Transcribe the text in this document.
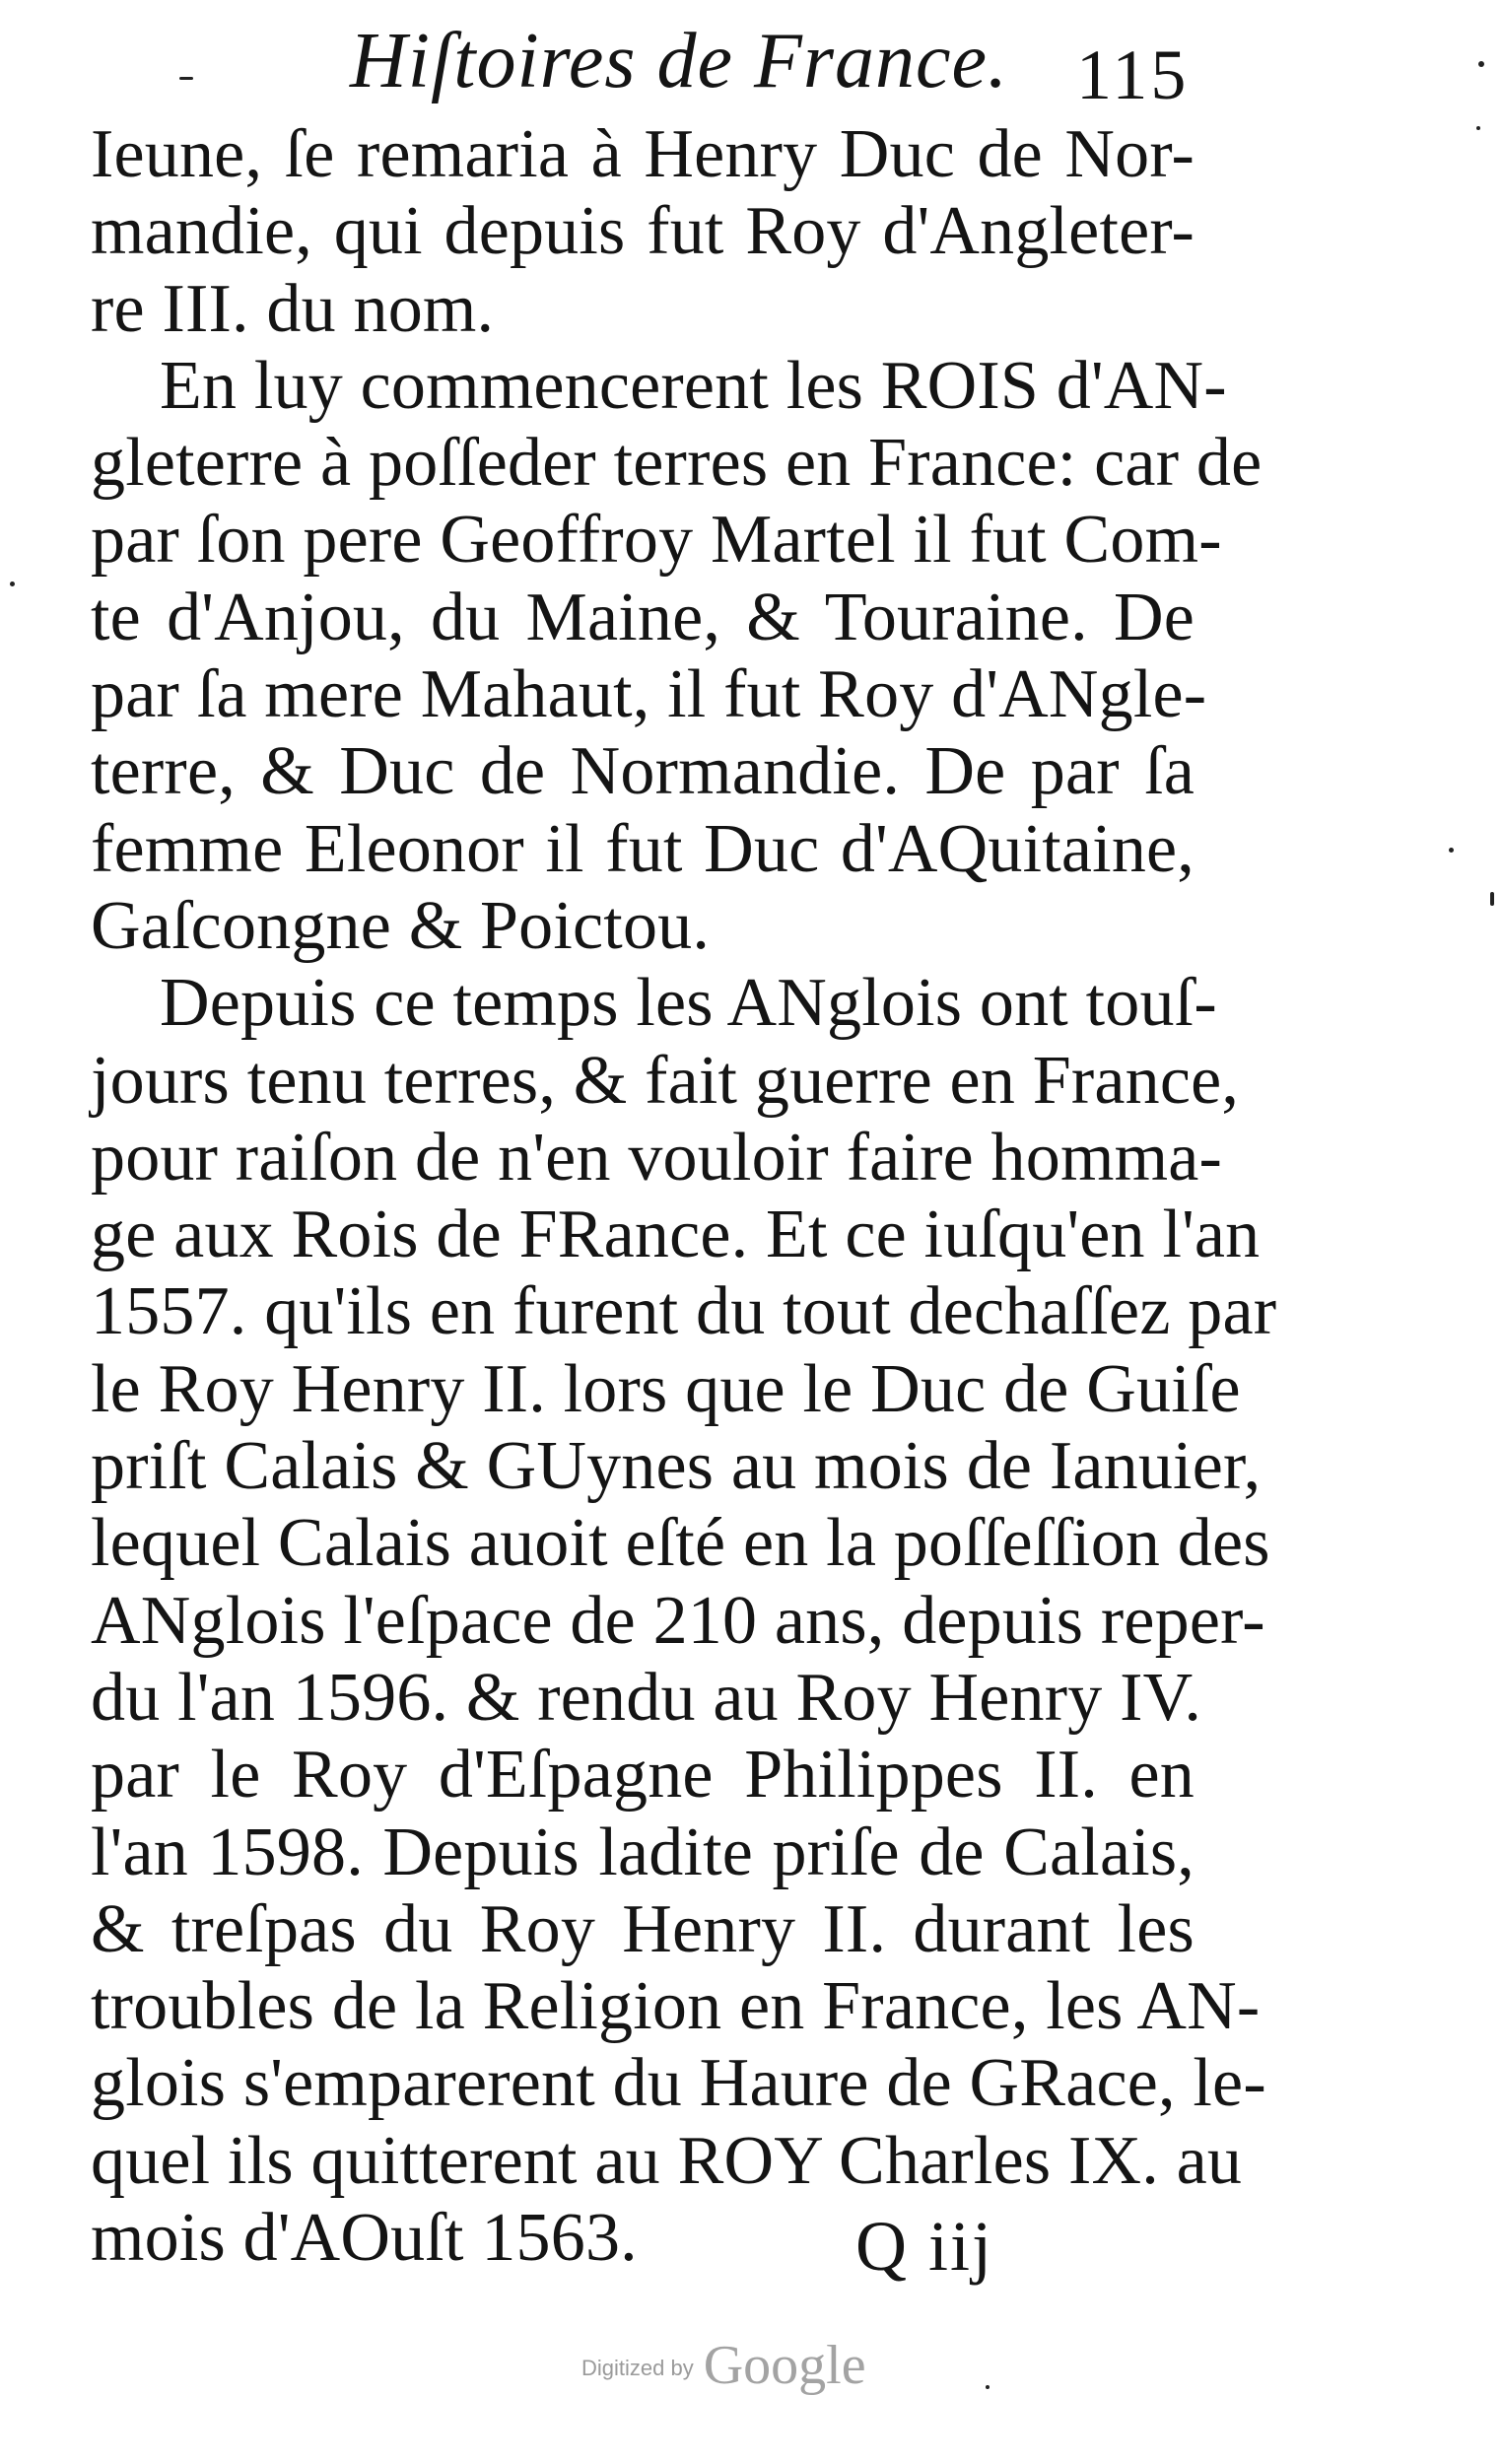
Hiſtoires de France. 115
Ieune, ſe remaria à Henry Duc de Nor-
mandie, qui depuis fut Roy d'Angleter-
re III. du nom.
En luy commencerent les ROIS d'AN-
gleterre à poſſeder terres en France: car de
par ſon pere Geoffroy Martel il fut Com-
te d'Anjou, du Maine, & Touraine. De
par ſa mere Mahaut, il fut Roy d'ANgle-
terre, & Duc de Normandie. De par ſa
femme Eleonor il fut Duc d'AQuitaine,
Gaſcongne & Poictou.
Depuis ce temps les ANglois ont touſ-
jours tenu terres, & fait guerre en France,
pour raiſon de n'en vouloir faire homma-
ge aux Rois de FRance. Et ce iuſqu'en l'an
1557. qu'ils en furent du tout dechaſſez par
le Roy Henry II. lors que le Duc de Guiſe
priſt Calais & GUynes au mois de Ianuier,
lequel Calais auoit eſté en la poſſeſſion des
ANglois l'eſpace de 210 ans, depuis reper-
du l'an 1596. & rendu au Roy Henry IV.
par le Roy d'Eſpagne Philippes II. en
l'an 1598. Depuis ladite priſe de Calais,
& treſpas du Roy Henry II. durant les
troubles de la Religion en France, les AN-
glois s'emparerent du Haure de GRace, le-
quel ils quitterent au ROY Charles IX. au
mois d'AOuſt 1563.	Q iij
Digitized by Google
